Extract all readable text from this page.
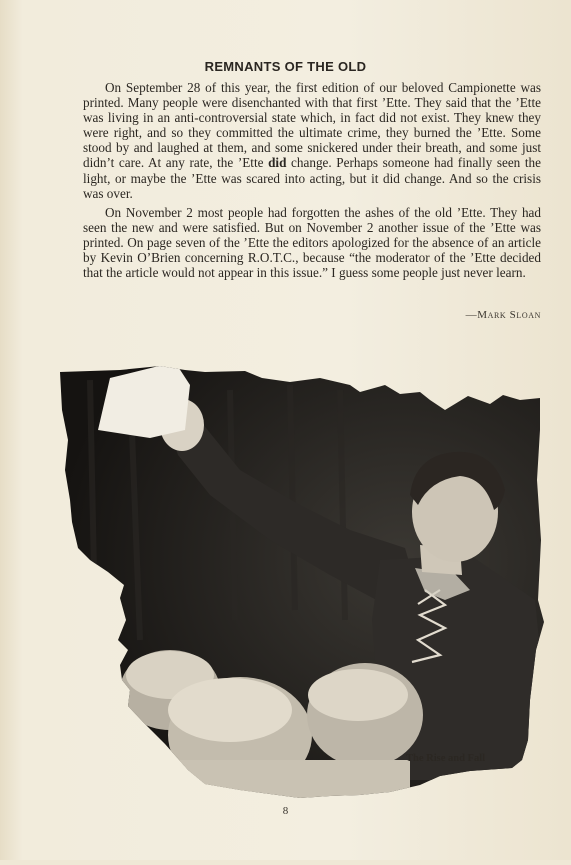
REMNANTS OF THE OLD

On September 28 of this year, the first edition of our beloved Campionette was printed. Many people were disenchanted with that first ’Ette. They said that the ’Ette was living in an anti-controversial state which, in fact did not exist. They knew they were right, and so they committed the ultimate crime, they burned the ’Ette. Some stood by and laughed at them, and some snickered under their breath, and some just didn’t care. At any rate, the ’Ette did change. Perhaps someone had finally seen the light, or maybe the ’Ette was scared into acting, but it did change. And so the crisis was over.

On November 2 most people had forgotten the ashes of the old ’Ette. They had seen the new and were satisfied. But on November 2 another issue of the ’Ette was printed. On page seven of the ’Ette the editors apologized for the absence of an article by Kevin O’Brien concerning R.O.T.C., because “the moderator of the ’Ette decided that the article would not appear in this issue.” I guess some people just never learn.

—Mark Sloan
The Rise and Fall
8
